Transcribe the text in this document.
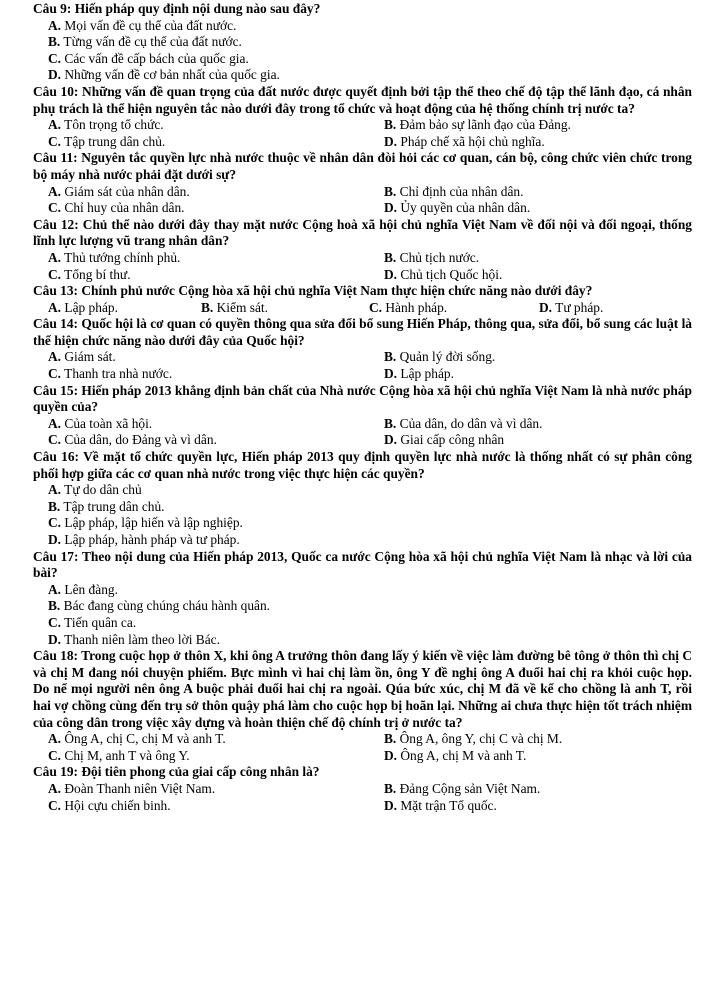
Câu 9: Hiến pháp quy định nội dung nào sau đây?
A. Mọi vấn đề cụ thể của đất nước.
B. Từng vấn đề cụ thể của đất nước.
C. Các vấn đề cấp bách của quốc gia.
D. Những vấn đề cơ bản nhất của quốc gia.
Câu 10: Những vấn đề quan trọng của đất nước được quyết định bởi tập thể theo chế độ tập thể lãnh đạo, cá nhân phụ trách là thể hiện nguyên tắc nào dưới đây trong tổ chức và hoạt động của hệ thống chính trị nước ta?
A. Tôn trọng tổ chức.	B. Đảm bảo sự lãnh đạo của Đảng.
C. Tập trung dân chủ.	D. Pháp chế xã hội chủ nghĩa.
Câu 11: Nguyên tắc quyền lực nhà nước thuộc về nhân dân đòi hỏi các cơ quan, cán bộ, công chức viên chức trong bộ máy nhà nước phải đặt dưới sự?
A. Giám sát của nhân dân.	B. Chỉ định của nhân dân.
C. Chỉ huy của nhân dân.	D. Ủy quyền của nhân dân.
Câu 12: Chủ thể nào dưới đây thay mặt nước Cộng hoà xã hội chủ nghĩa Việt Nam về đối nội và đối ngoại, thống lĩnh lực lượng vũ trang nhân dân?
A. Thủ tướng chính phủ.	B. Chủ tịch nước.
C. Tổng bí thư.	D. Chủ tịch Quốc hội.
Câu 13: Chính phủ nước Cộng hòa xã hội chủ nghĩa Việt Nam thực hiện chức năng nào dưới đây?
A. Lập pháp.	B. Kiểm sát.	C. Hành pháp.	D. Tư pháp.
Câu 14: Quốc hội là cơ quan có quyền thông qua sửa đổi bổ sung Hiến Pháp, thông qua, sửa đổi, bổ sung các luật là thể hiện chức năng nào dưới đây của Quốc hội?
A. Giám sát.	B. Quản lý đời sống.
C. Thanh tra nhà nước.	D. Lập pháp.
Câu 15: Hiến pháp 2013 khẳng định bản chất của Nhà nước Cộng hòa xã hội chủ nghĩa Việt Nam là nhà nước pháp quyền của?
A. Của toàn xã hội.	B. Của dân, do dân và vì dân.
C. Của dân, do Đảng và vì dân.	D. Giai cấp công nhân
Câu 16: Về mặt tổ chức quyền lực, Hiến pháp 2013 quy định quyền lực nhà nước là thống nhất có sự phân công phối hợp giữa các cơ quan nhà nước trong việc thực hiện các quyền?
A. Tự do dân chủ
B. Tập trung dân chủ.
C. Lập pháp, lập hiến và lập nghiệp.
D. Lập pháp, hành pháp và tư pháp.
Câu 17: Theo nội dung của Hiến pháp 2013, Quốc ca nước Cộng hòa xã hội chủ nghĩa Việt Nam là nhạc và lời của bài?
A. Lên đàng.
B. Bác đang cùng chúng cháu hành quân.
C. Tiến quân ca.
D. Thanh niên làm theo lời Bác.
Câu 18: Trong cuộc họp ở thôn X, khi ông A trưởng thôn đang lấy ý kiến về việc làm đường bê tông ở thôn thì chị C và chị M đang nói chuyện phiếm. Bực mình vì hai chị làm ồn, ông Y đề nghị ông A đuổi hai chị ra khỏi cuộc họp. Do nể mọi người nên ông A buộc phải đuổi hai chị ra ngoài. Qúa bức xúc, chị M đã về kể cho chồng là anh T, rồi hai vợ chồng cùng đến trụ sở thôn quậy phá làm cho cuộc họp bị hoãn lại. Những ai chưa thực hiện tốt trách nhiệm của công dân trong việc xây dựng và hoàn thiện chế độ chính trị ở nước ta?
A. Ông A, chị C, chị M và anh T.	B. Ông A, ông Y, chị C và chị M.
C. Chị M, anh T và ông Y.	D. Ông A, chị M và anh T.
Câu 19: Đội tiên phong của giai cấp công nhân là?
A. Đoàn Thanh niên Việt Nam.	B. Đảng Cộng sản Việt Nam.
C. Hội cựu chiến binh.	D. Mặt trận Tổ quốc.
